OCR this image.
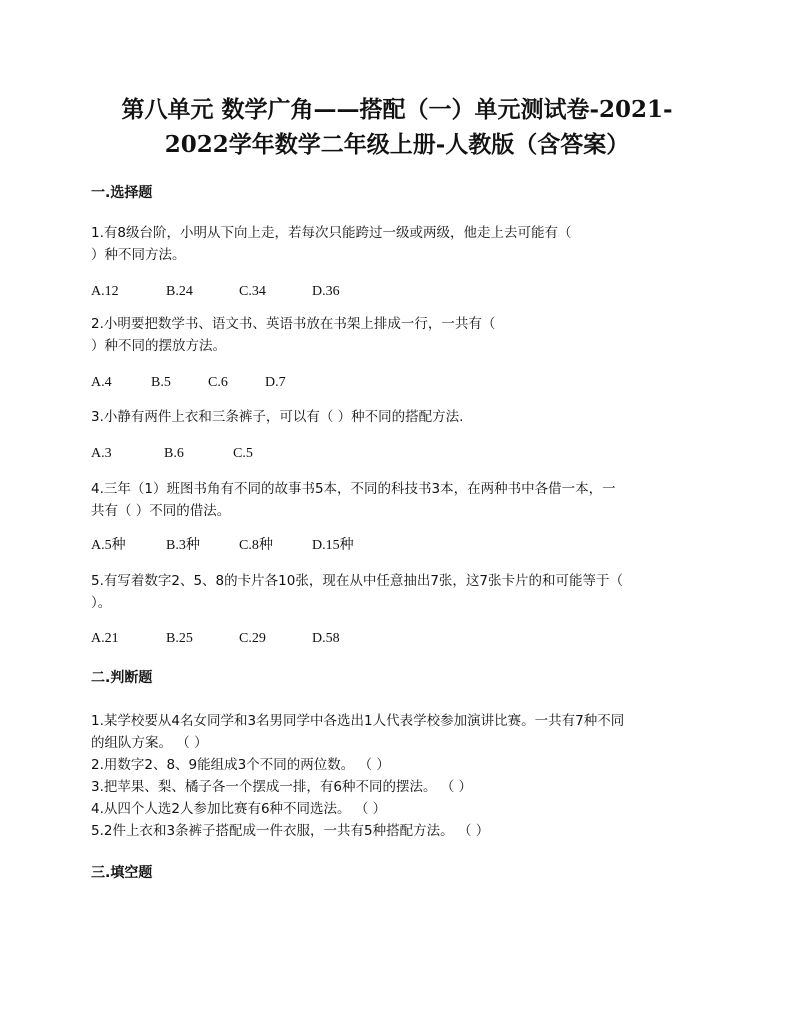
第八单元 数学广角——搭配（一）单元测试卷-2021-
2022学年数学二年级上册-人教版（含答案）
一.选择题
1.有8级台阶，小明从下向上走，若每次只能跨过一级或两级，他走上去可能有（
）种不同方法。
A.12	B.24	C.34	D.36
2.小明要把数学书、语文书、英语书放在书架上排成一行，一共有（
）种不同的摆放方法。
A.4	B.5	C.6	D.7
3.小静有两件上衣和三条裤子，可以有（ ）种不同的搭配方法.
A.3	B.6	C.5
4.三年（1）班图书角有不同的故事书5本，不同的科技书3本，在两种书中各借一本，一
共有（ ）不同的借法。
A.5种	B.3种	C.8种	D.15种
5.有写着数字2、5、8的卡片各10张，现在从中任意抽出7张，这7张卡片的和可能等于（
）。
A.21	B.25	C.29	D.58
二.判断题
1.某学校要从4名女同学和3名男同学中各选出1人代表学校参加演讲比赛。一共有7种不同
的组队方案。 （ ）
2.用数字2、8、9能组成3个不同的两位数。 （ ）
3.把苹果、梨、橘子各一个摆成一排，有6种不同的摆法。 （ ）
4.从四个人选2人参加比赛有6种不同选法。 （ ）
5.2件上衣和3条裤子搭配成一件衣服，一共有5种搭配方法。 （ ）
三.填空题
